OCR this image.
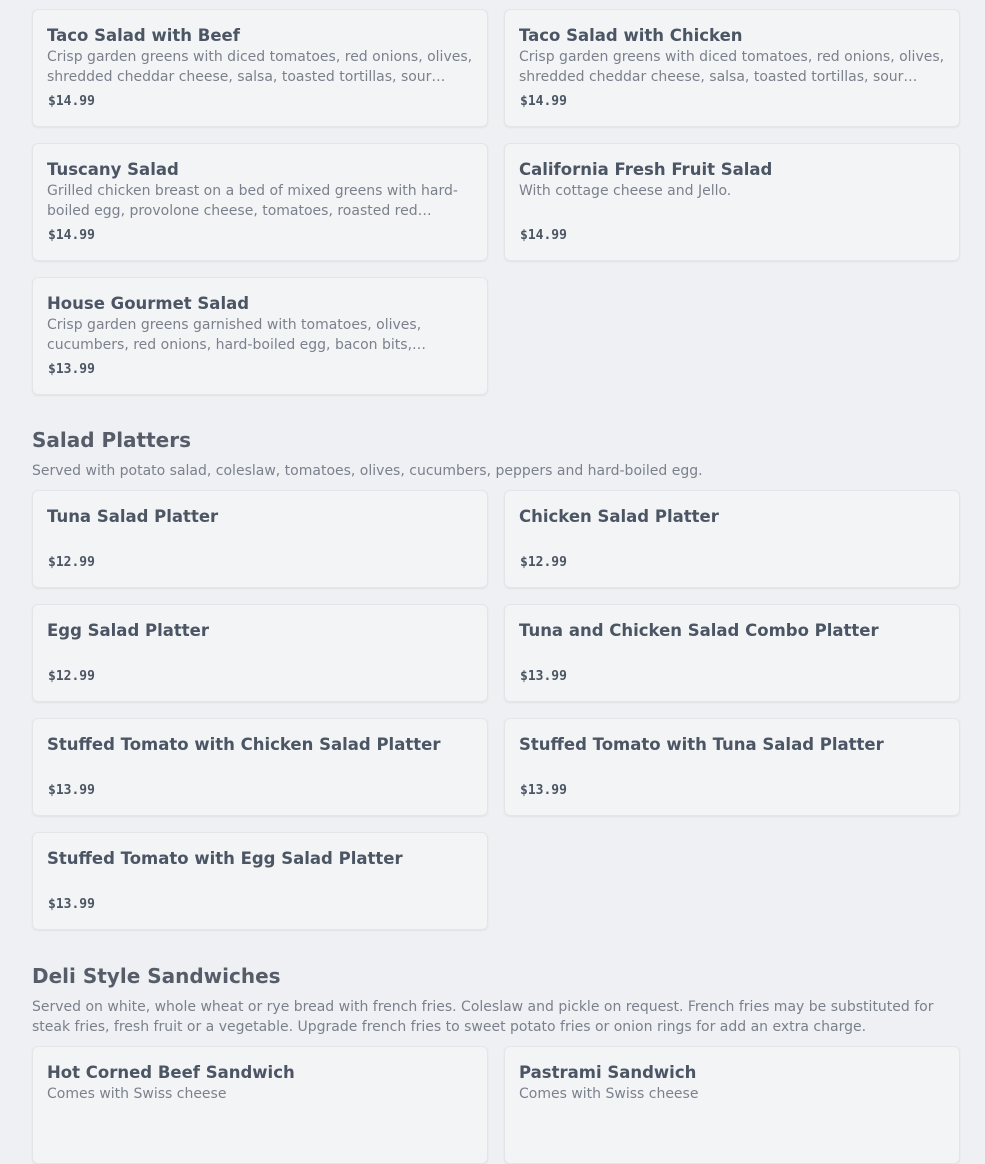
Taco Salad with Beef
Crisp garden greens with diced tomatoes, red onions, olives, shredded cheddar cheese, salsa, toasted tortillas, sour…
$14.99
Taco Salad with Chicken
Crisp garden greens with diced tomatoes, red onions, olives, shredded cheddar cheese, salsa, toasted tortillas, sour…
$14.99
Tuscany Salad
Grilled chicken breast on a bed of mixed greens with hard-boiled egg, provolone cheese, tomatoes, roasted red…
$14.99
California Fresh Fruit Salad
With cottage cheese and Jello.
$14.99
House Gourmet Salad
Crisp garden greens garnished with tomatoes, olives, cucumbers, red onions, hard-boiled egg, bacon bits,…
$13.99
Salad Platters

Served with potato salad, coleslaw, tomatoes, olives, cucumbers, peppers and hard-boiled egg.

Tuna Salad Platter
$12.99
Chicken Salad Platter
$12.99
Egg Salad Platter
$12.99
Tuna and Chicken Salad Combo Platter
$13.99
Stuffed Tomato with Chicken Salad Platter
$13.99
Stuffed Tomato with Tuna Salad Platter
$13.99
Stuffed Tomato with Egg Salad Platter
$13.99
Deli Style Sandwiches

Served on white, whole wheat or rye bread with french fries. Coleslaw and pickle on request. French fries may be substituted for steak fries, fresh fruit or a vegetable. Upgrade french fries to sweet potato fries or onion rings for add an extra charge.

Hot Corned Beef Sandwich
Comes with Swiss cheese
Pastrami Sandwich
Comes with Swiss cheese
